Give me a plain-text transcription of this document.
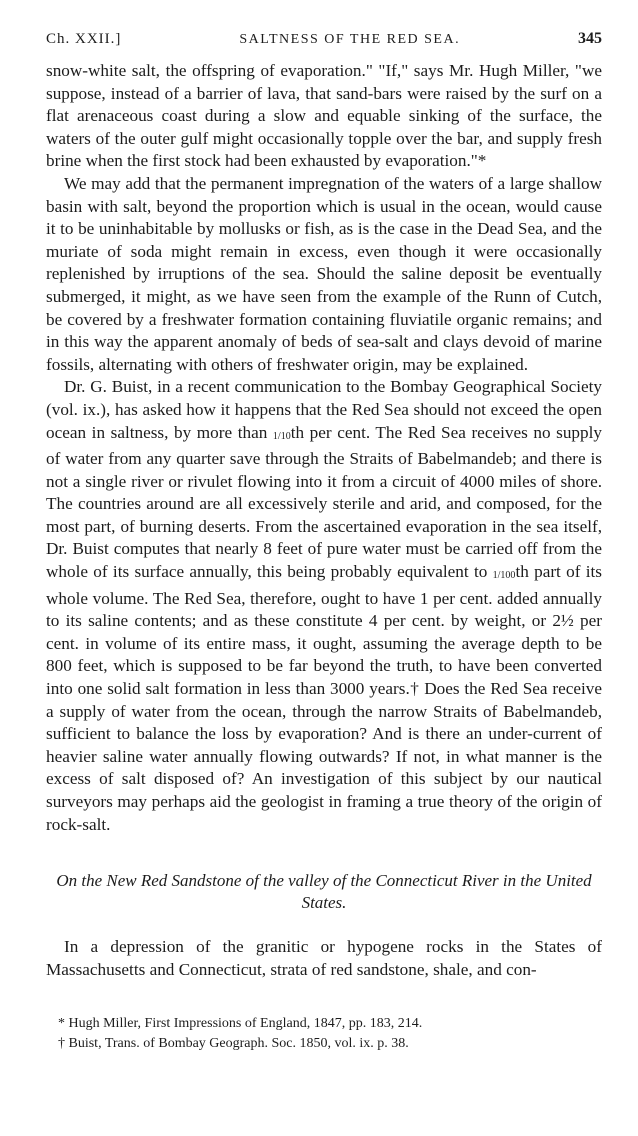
Ch. XXII.]	SALTNESS OF THE RED SEA.	345

snow-white salt, the offspring of evaporation." "If," says Mr. Hugh Miller, "we suppose, instead of a barrier of lava, that sand-bars were raised by the surf on a flat arenaceous coast during a slow and equable sinking of the surface, the waters of the outer gulf might occasionally topple over the bar, and supply fresh brine when the first stock had been exhausted by evaporation."*

We may add that the permanent impregnation of the waters of a large shallow basin with salt, beyond the proportion which is usual in the ocean, would cause it to be uninhabitable by mollusks or fish, as is the case in the Dead Sea, and the muriate of soda might remain in excess, even though it were occasionally replenished by irruptions of the sea. Should the saline deposit be eventually submerged, it might, as we have seen from the example of the Runn of Cutch, be covered by a freshwater formation containing fluviatile organic remains; and in this way the apparent anomaly of beds of sea-salt and clays devoid of marine fossils, alternating with others of freshwater origin, may be explained.

Dr. G. Buist, in a recent communication to the Bombay Geographical Society (vol. ix.), has asked how it happens that the Red Sea should not exceed the open ocean in saltness, by more than 1/10th per cent. The Red Sea receives no supply of water from any quarter save through the Straits of Babelmandeb; and there is not a single river or rivulet flowing into it from a circuit of 4000 miles of shore. The countries around are all excessively sterile and arid, and composed, for the most part, of burning deserts. From the ascertained evaporation in the sea itself, Dr. Buist computes that nearly 8 feet of pure water must be carried off from the whole of its surface annually, this being probably equivalent to 1/100th part of its whole volume. The Red Sea, therefore, ought to have 1 per cent. added annually to its saline contents; and as these constitute 4 per cent. by weight, or 2½ per cent. in volume of its entire mass, it ought, assuming the average depth to be 800 feet, which is supposed to be far beyond the truth, to have been converted into one solid salt formation in less than 3000 years.† Does the Red Sea receive a supply of water from the ocean, through the narrow Straits of Babelmandeb, sufficient to balance the loss by evaporation? And is there an under-current of heavier saline water annually flowing outwards? If not, in what manner is the excess of salt disposed of? An investigation of this subject by our nautical surveyors may perhaps aid the geologist in framing a true theory of the origin of rock-salt.

On the New Red Sandstone of the valley of the Connecticut River in the United States.

In a depression of the granitic or hypogene rocks in the States of Massachusetts and Connecticut, strata of red sandstone, shale, and con-

* Hugh Miller, First Impressions of England, 1847, pp. 183, 214.
† Buist, Trans. of Bombay Geograph. Soc. 1850, vol. ix. p. 38.
